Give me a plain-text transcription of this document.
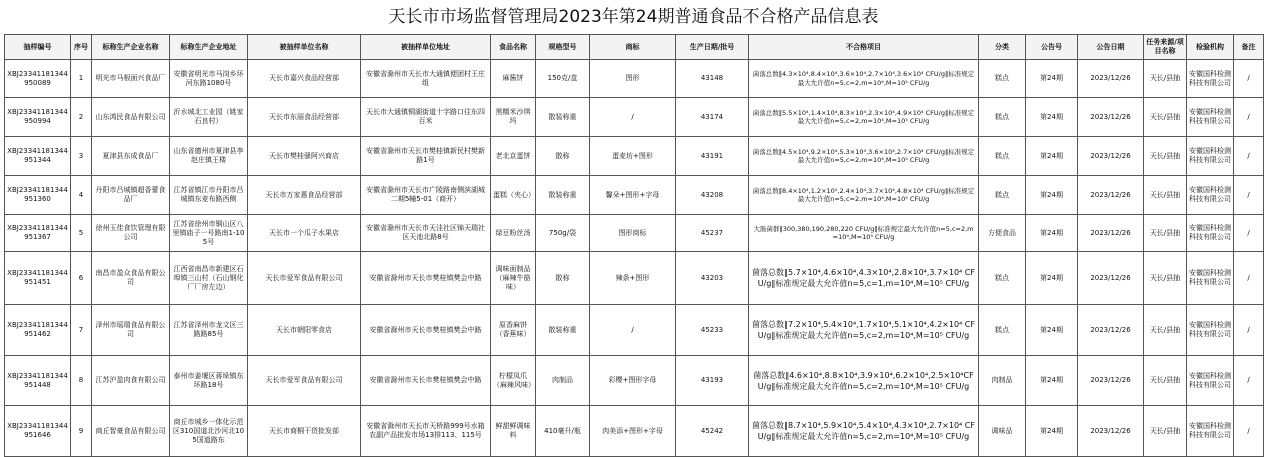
天长市市场监督管理局2023年第24期普通食品不合格产品信息表
抽样编号	序号	标称生产企业名称	标称生产企业地址	被抽样单位名称	被抽样单位地址	食品名称	规格型号	商标	生产日期/批号	不合格项目	分类	公告号	公告日期	任务来源/项目名称	检验机构	备注
XBJ23341181344950089	1	明光市马根面兴食品厂	安徽省明光市马岗乡环河东路1080号	天长市嘉兴食品经营部	安徽省滁州市天长市大通镇便团村王庄组	麻酱饼	150克/盒	图形	43148	菌落总数‖4.3×10⁴,8.4×10⁴,3.6×10⁴,2.7×10⁴,3.6×10⁴ CFU/g‖标准规定最大允许值n=5,c=2,m=10⁴,M=10⁵ CFU/g	糕点	第24期	2023/12/26	天长/县抽	安徽国科检测科技有限公司	/
XBJ23341181344950994	2	山东鸿民食品有限公司	沂水城北工业园（姚家石良村）	天长市东丽食品经营部	天长市大通镇铜湖街道十字路口往东四百米	黑糯米沙琪玛	散装称重	/	43174	菌落总数‖5.5×10⁴,1.4×10⁴,8.3×10⁴,2.3×10⁴,4.9×10⁴ CFU/g‖标准规定最大允许值n=5,c=2,m=10⁴,M=10⁵ CFU/g	糕点	第24期	2023/12/26	天长/县抽	安徽国科检测科技有限公司	/
XBJ23341181344951344	3	夏津县东成食品厂	山东省德州市夏津县李赵庄镇王楼	天长市樊桂骚阿兴商店	安徽省滁州市天长市樊桂镇新民村樊新路1号	老北京蛋饼	散称	蛋麦坊+图形	43191	菌落总数‖4.5×10⁴,9.2×10⁴,5.3×10⁴,3.6×10⁴,2.7×10⁴ CFU/g‖标准规定最大允许值n=5,c=2,m=10⁴,M=10⁵ CFU/g	糕点	第24期	2023/12/26	天长/县抽	安徽国科检测科技有限公司	/
XBJ23341181344951360	4	丹阳市吕城镇超香蕾食品厂	江苏省镇江市丹阳市吕城镇东麦布路西侧	天长市万家惠食品经营部	安徽省滁州市天长市广陵路南侧滨湖城二期5幢5-01（商开）	蛋糕（夹心）	散装称重	馨朵+图形+字母	43208	菌落总数‖8.4×10⁴,1.2×10⁵,2.4×10⁴,3.7×10⁴,4.8×10⁴ CFU/g‖标准规定最大允许值n=5,c=2,m=10⁴,M=10⁵ CFU/g	糕点	第24期	2023/12/26	天长/县抽	安徽国科检测科技有限公司	/
XBJ23341181344951367	5	徐州玉佳食饮管理有限公司	江苏省徐州市铜山区八里镇庙子一号路南1-105号	天长市一个瓜子水果店	安徽省滁州市天长市天洼社区锦天瑞社区天池北路8号	绿豆粉丝汤	750g/袋	图形商标	45237	大肠菌群‖300,380,190,280,220 CFU/g‖标准规定最大允许值n=5,c=2,m=10⁴,M=10⁵ CFU/g	方便食品	第24期	2023/12/26	天长/县抽	安徽国科检测科技有限公司	/
XBJ23341181344951451	6	南昌市盈众食品有限公司	江西省南昌市新建区石埠镇三山村（石山钢化厂厂房左边）	天长市爱军食品有限公司	安徽省滁州市天长市樊桂镇樊会中路	调味面制品（麻辣牛筋味）	散称	辣条+图形	43203	菌落总数‖5.7×10⁴,4.6×10⁴,4.3×10⁴,2.8×10⁴,3.7×10⁴ CFU/g‖标准规定最大允许值n=5,c=1,m=10⁴,M=10⁵ CFU/g	糕点	第24期	2023/12/26	天长/县抽	安徽国科检测科技有限公司	/
XBJ23341181344951462	7	泽州市瑶瑞食品有限公司	江苏省泽州市龙文区三路路85号	天长市朝阳零食店	安徽省滁州市天长市樊桂镇樊会中路	原香麻饼（香蕉味）	散装称重	/	45233	菌落总数‖7.2×10⁴,5.4×10⁴,1.7×10⁴,5.1×10⁴,4.2×10⁴ CFU/g‖标准规定最大允许值n=5,c=2,m=10⁴,M=10⁵ CFU/g	糕点	第24期	2023/12/26	天长/县抽	安徽国科检测科技有限公司	/
XBJ23341181344951448	8	江苏沪盈肉食有限公司	泰州市姜堰区蒋垛镇东环路18号	天长市爱军食品有限公司	安徽省滁州市天长市樊桂镇樊会中路	柠檬凤爪（麻辣风味）	肉制品	彩樱+图形字母	43193	菌落总数‖4.6×10⁴,8.8×10⁴,3.9×10⁴,6.2×10⁴,2.5×10⁴CFU/g‖标准规定最大允许值n=5,c=2,m=10⁴,M=10⁵ CFU/g	肉制品	第24期	2023/12/26	天长/县抽	安徽国科检测科技有限公司	/
XBJ23341181344951646	9	商丘智豪食品有限公司	商丘市城乡一体化示范区310国道北沙河北105国道路东	天长市商桐干货批发部	安徽省滁州市天长市天桥路999号水箱农副产品批发市场13排113、115号	鲜甜鲜调味料	410毫升/瓶	肉美添+图形+字母	45242	菌落总数‖8.7×10⁴,5.9×10⁴,5.4×10⁴,4.3×10⁴,2.7×10⁴ CFU/g‖标准规定最大允许值n=5,c=2,m=10⁴,M=10⁵ CFU/g	调味品	第24期	2023/12/26	天长/县抽	安徽国科检测科技有限公司	/
